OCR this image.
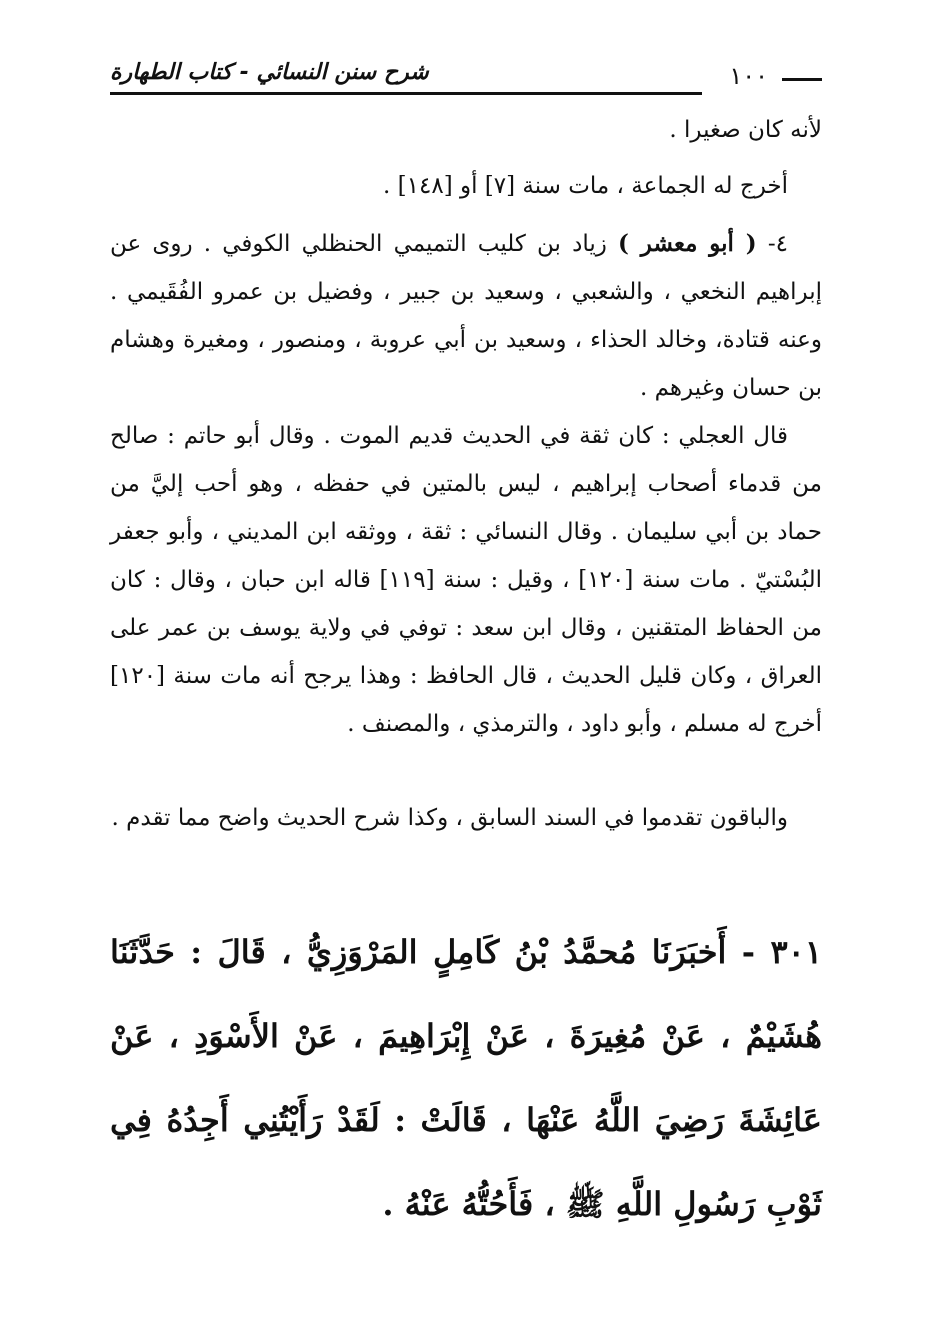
شرح سنن النسائي - كتاب الطهارة	١٠٠

لأنه كان صغيرا .

أخرج له الجماعة ، مات سنة [٧] أو [١٤٨] .

٤- ( أبو معشر ) زياد بن كليب التميمي الحنظلي الكوفي . روى عن إبراهيم النخعي ، والشعبي ، وسعيد بن جبير ، وفضيل بن عمرو الفُقَيمي . وعنه قتادة، وخالد الحذاء ، وسعيد بن أبي عروبة ، ومنصور ، ومغيرة وهشام بن حسان وغيرهم .

قال العجلي : كان ثقة في الحديث قديم الموت . وقال أبو حاتم : صالح من قدماء أصحاب إبراهيم ، ليس بالمتين في حفظه ، وهو أحب إليَّ من حماد بن أبي سليمان . وقال النسائي : ثقة ، ووثقه ابن المديني ، وأبو جعفر البُسْتيّ . مات سنة [١٢٠] ، وقيل : سنة [١١٩] قاله ابن حبان ، وقال : كان من الحفاظ المتقنين ، وقال ابن سعد : توفي في ولاية يوسف بن عمر على العراق ، وكان قليل الحديث ، قال الحافظ : وهذا يرجح أنه مات سنة [١٢٠] أخرج له مسلم ، وأبو داود ، والترمذي ، والمصنف .

والباقون تقدموا في السند السابق ، وكذا شرح الحديث واضح مما تقدم .

٣٠١ - أَخبَرَنَا مُحمَّدُ بْنُ كَامِلٍ المَرْوَزِيُّ ، قَالَ : حَدَّثَنَا هُشَيْمٌ ، عَنْ مُغِيرَةَ ، عَنْ إِبْرَاهِيمَ ، عَنْ الأَسْوَدِ ، عَنْ عَائِشَةَ رَضِيَ اللَّهُ عَنْهَا ، قَالَتْ : لَقَدْ رَأَيْتُنِي أَجِدُهُ فِي ثَوْبِ رَسُولِ اللَّهِ ﷺ ، فَأَحُتُّهُ عَنْهُ .
